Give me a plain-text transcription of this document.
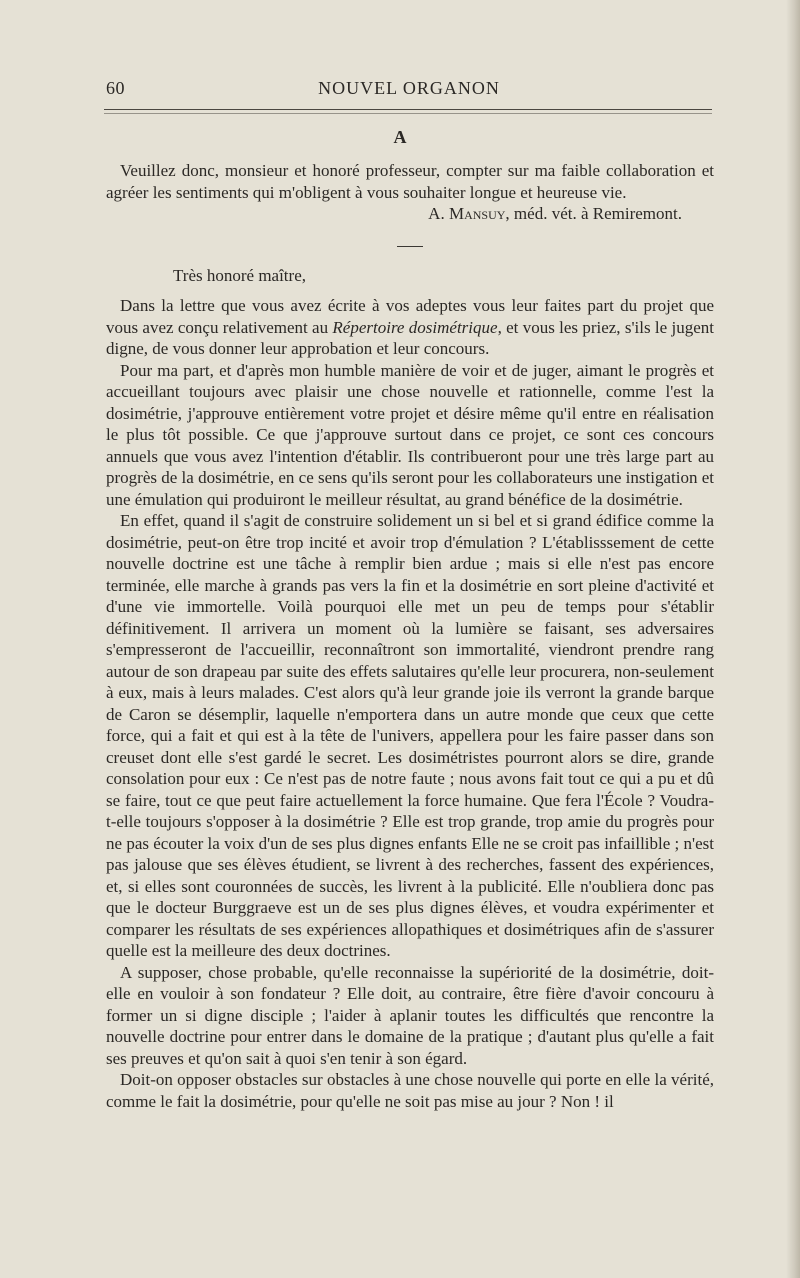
60	NOUVEL ORGANON
A

Veuillez donc, monsieur et honoré professeur, compter sur ma faible collaboration et agréer les sentiments qui m'obligent à vous souhaiter longue et heureuse vie.

A. Mansuy, méd. vét. à Remiremont.

Très honoré maître,

Dans la lettre que vous avez écrite à vos adeptes vous leur faites part du projet que vous avez conçu relativement au Répertoire dosimétrique, et vous les priez, s'ils le jugent digne, de vous donner leur approbation et leur concours.

Pour ma part, et d'après mon humble manière de voir et de juger, aimant le progrès et accueillant toujours avec plaisir une chose nouvelle et rationnelle, comme l'est la dosimétrie, j'approuve entièrement votre projet et désire même qu'il entre en réalisation le plus tôt possible. Ce que j'approuve surtout dans ce projet, ce sont ces concours annuels que vous avez l'intention d'établir. Ils contribueront pour une très large part au progrès de la dosimétrie, en ce sens qu'ils seront pour les collaborateurs une instigation et une émulation qui produiront le meilleur résultat, au grand bénéfice de la dosimétrie.

En effet, quand il s'agit de construire solidement un si bel et si grand édifice comme la dosimétrie, peut-on être trop incité et avoir trop d'émulation ? L'établisssement de cette nouvelle doctrine est une tâche à remplir bien ardue ; mais si elle n'est pas encore terminée, elle marche à grands pas vers la fin et la dosimétrie en sort pleine d'activité et d'une vie immortelle. Voilà pourquoi elle met un peu de temps pour s'établir définitivement. Il arrivera un moment où la lumière se faisant, ses adversaires s'empresseront de l'accueillir, reconnaîtront son immortalité, viendront prendre rang autour de son drapeau par suite des effets salutaires qu'elle leur procurera, non-seulement à eux, mais à leurs malades. C'est alors qu'à leur grande joie ils verront la grande barque de Caron se désemplir, laquelle n'emportera dans un autre monde que ceux que cette force, qui a fait et qui est à la tête de l'univers, appellera pour les faire passer dans son creuset dont elle s'est gardé le secret. Les dosimétristes pourront alors se dire, grande consolation pour eux : Ce n'est pas de notre faute ; nous avons fait tout ce qui a pu et dû se faire, tout ce que peut faire actuellement la force humaine. Que fera l'École ? Voudra-t-elle toujours s'opposer à la dosimétrie ? Elle est trop grande, trop amie du progrès pour ne pas écouter la voix d'un de ses plus dignes enfants Elle ne se croit pas infaillible ; n'est pas jalouse que ses élèves étudient, se livrent à des recherches, fassent des expériences, et, si elles sont couronnées de succès, les livrent à la publicité. Elle n'oubliera donc pas que le docteur Burggraeve est un de ses plus dignes élèves, et voudra expérimenter et comparer les résultats de ses expériences allopathiques et dosimétriques afin de s'assurer quelle est la meilleure des deux doctrines.

A supposer, chose probable, qu'elle reconnaisse la supériorité de la dosimétrie, doit-elle en vouloir à son fondateur ? Elle doit, au contraire, être fière d'avoir concouru à former un si digne disciple ; l'aider à aplanir toutes les difficultés que rencontre la nouvelle doctrine pour entrer dans le domaine de la pratique ; d'autant plus qu'elle a fait ses preuves et qu'on sait à quoi s'en tenir à son égard.

Doit-on opposer obstacles sur obstacles à une chose nouvelle qui porte en elle la vérité, comme le fait la dosimétrie, pour qu'elle ne soit pas mise au jour ? Non ! il
